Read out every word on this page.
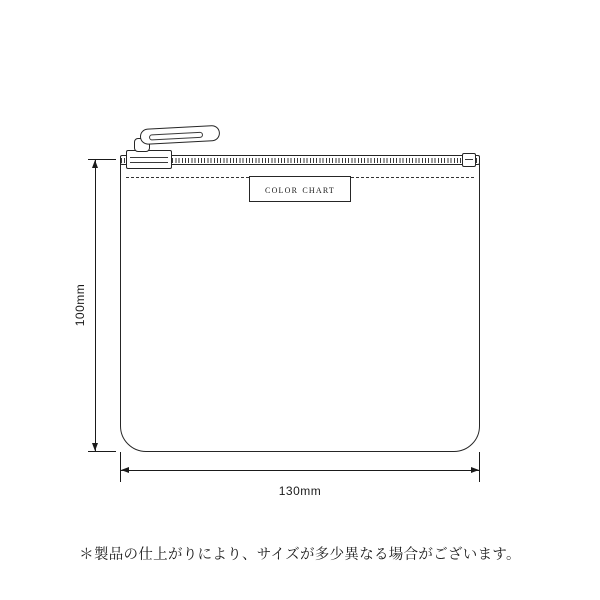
100mm
130mm
color chart
＊製品の仕上がりにより、サイズが多少異なる場合がございます。
